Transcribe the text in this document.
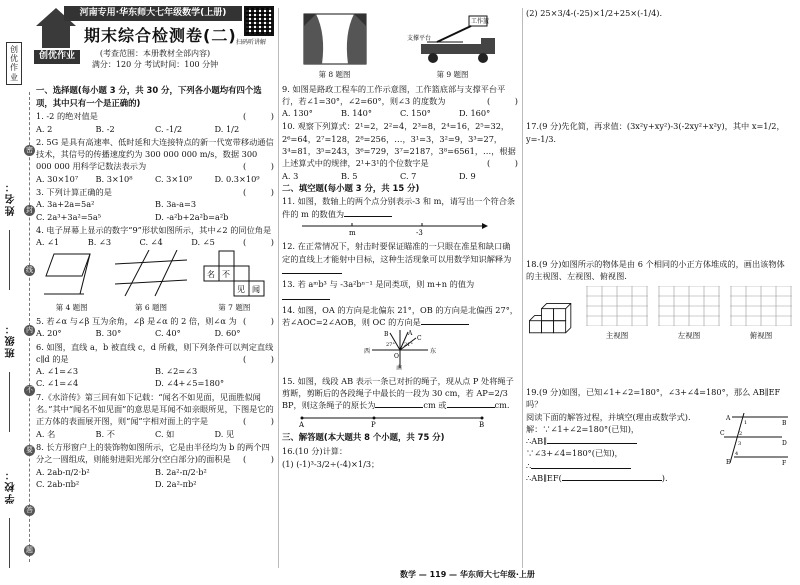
创优作业
姓名：
班级：
学校：
密
封
线
内
不
要
答
题
创优作业
河南专用·华东师大七年级数学(上册)
期末综合检测卷(二) 扫码听讲解
(考查范围：本册教材全部内容)
满分：120 分 考试时间：100 分钟

一、选择题(每小题 3 分，共 30 分，下列各小题均有四个选项，其中只有一个是正确的)

1. -2 的绝对值是	(　　　)

A. 2	B. -2	C. -1/2	D. 1/2

2. 5G 是具有高速率、低时延和大连接特点的新一代宽带移动通信技术，其信号的传播速度约为 300 000 000 m/s，数据 300 000 000 用科学记数法表示为	(　　　)

A. 30×10⁷	B. 3×10⁸	C. 3×10⁹	D. 0.3×10⁹

3. 下列计算正确的是	(　　　)

A. 3a+2a=5a²	B. 3a-a=3
C. 2a³+3a²=5a⁵	D. -a²b+2a²b=a²b

4. 电子屏幕上显示的数字“9”形状如图所示，其中∠2 的同位角是
(　　　)

A. ∠1	B. ∠3	C. ∠4	D. ∠5
第 4 题图	第 6 题图
名 不
见 闻
第 7 题图

5. 若∠α 与∠β 互为余角，∠β 是∠α 的 2 倍，则∠α 为 (　　　)

A. 20°	B. 30°	C. 40°	D. 60°

6. 如图，直线 a，b 被直线 c，d 所截，则下列条件可以判定直线 c∥d 的是	(　　　)

A. ∠1=∠3	B. ∠2=∠3
C. ∠1=∠4	D. ∠4+∠5=180°

7.《水浒传》第三回有如下记载：“闻名不如见面，见面胜似闻名。”其中“闻名不如见面”的意思是耳闻不如亲眼所见，下图是它的正方体的表面展开图，则“闻”字相对面上的字是	(　　　)

A. 名	B. 不	C. 如	D. 见

8. 长方形窗户上的装饰物如图所示，它是由半径均为 b 的两个四分之一圆组成，则能射进阳光部分(空白部分)的面积是 (　　　)

A. 2ab-π/2·b²	B. 2a²-π/2·b²
C. 2ab-πb²	D. 2a²-πb²
第 8 题图
工作篮
支撑平台
第 9 题图

9. 如图是路政工程车的工作示意图，工作篮底部与支撑平台平行，若∠1=30°，∠2=60°，则∠3 的度数为	(　　　)

A. 130°	B. 140°	C. 150°	D. 160°

10. 观察下列算式：2¹=2，2²=4，2³=8，2⁴=16，2⁵=32，2⁶=64，2⁷=128，2⁸=256，…，3¹=3，3²=9，3³=27，3⁴=81，3⁵=243，3⁶=729，3⁷=2187，3⁸=6561，…，根据上述算式中的规律，2¹+3¹的个位数字是	(　　　)

A. 3	B. 5	C. 7	D. 9

二、填空题(每小题 3 分，共 15 分)

11. 如图，数轴上的两个点分别表示-3 和 m，请写出一个符合条件的 m 的数值为

m	-3

12. 在正常情况下，射击时要保证瞄准的一只眼在准星和缺口确定的直线上才能射中目标，这种生活现象可以用数学知识解释为

13. 若 aᵐb³ 与 -3a²bⁿ⁻¹ 是同类项，则 m+n 的值为

14. 如图，OA 的方向是北偏东 21°，OB 的方向是北偏西 27°，若∠AOC=2∠AOB，则 OC 的方向是

南
西	东
A
B
C
O
27° 21°

15. 如图，线段 AB 表示一条已对折的绳子，现从点 P 处将绳子剪断，剪断后的各段绳子中最长的一段为 30 cm，若 AP=2/3 BP，则这条绳子的原长为	cm 或	cm.

A	P	B

三、解答题(本大题共 8 个小题，共 75 分)

16.(10 分)计算：

(1) (-1)³-3/2÷(-4)×1/3；

(2) 25×3/4-(-25)×1/2+25×(-1/4).

17.(9 分)先化简，再求值：(3x²y+xy²)-3(-2xy²+x²y)，其中 x=1/2，y=-1/3.

18.(9 分)如图所示的物体是由 6 个相同的小正方体堆成的，画出该物体的主视图、左视图、俯视图.

主视图	左视图	俯视图

19.(9 分)如图，已知∠1+∠2=180°，∠3+∠4=180°，那么 AB∥EF 吗？

阅读下面的解答过程，并填空(理由或数学式).

解：∵∠1+∠2=180°(已知)，

∴AB∥

∵∠3+∠4=180°(已知)，

∴

∴AB∥EF(	).

A
B
C
D
E	F
1
2
3
4
数学 — 119 — 华东师大七年级·上册
